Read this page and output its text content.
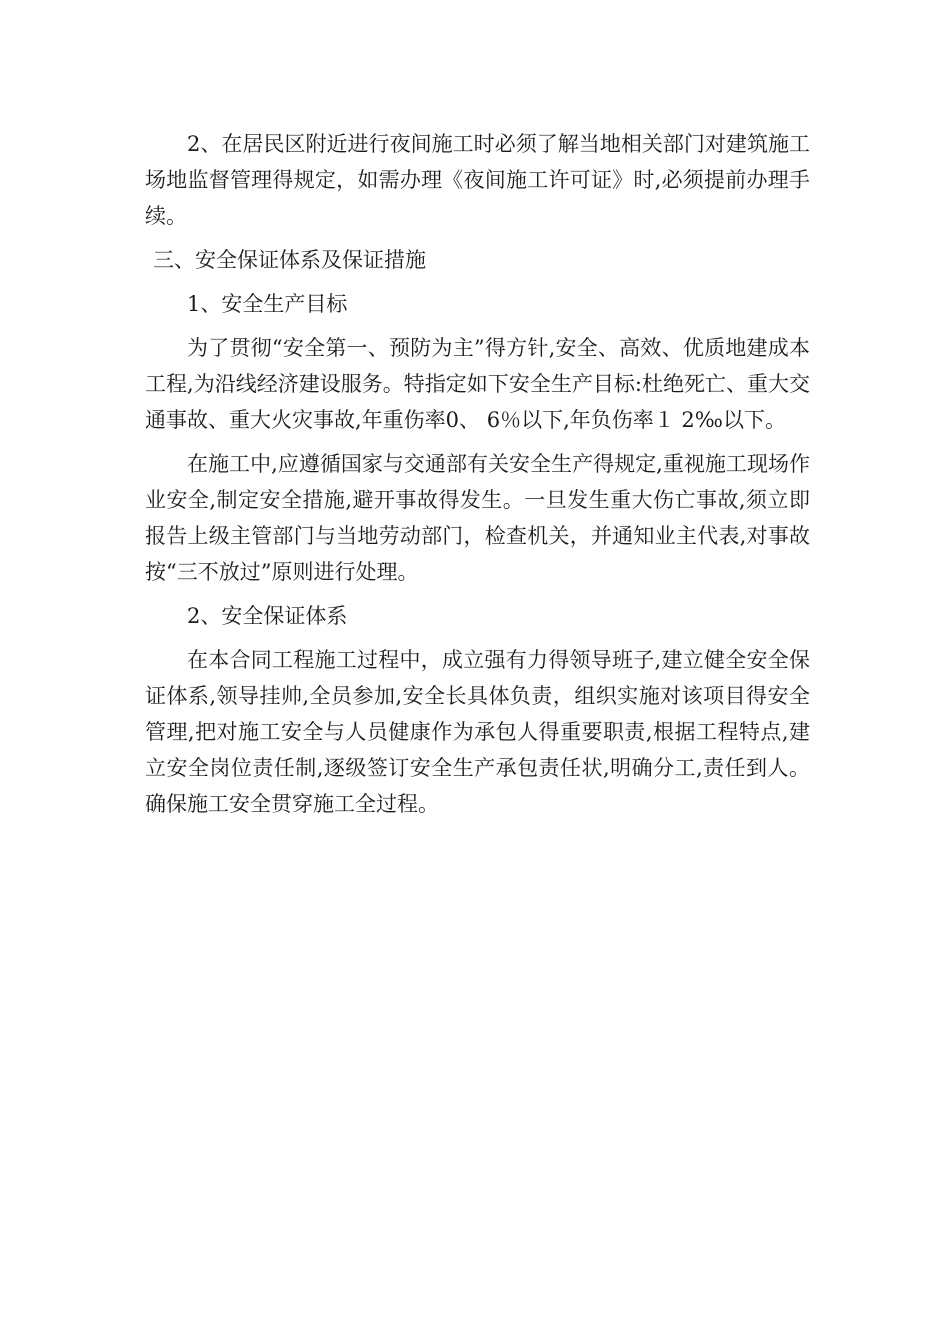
2、在居民区附近进行夜间施工时必须了解当地相关部门对建筑施工场地监督管理得规定，如需办理《夜间施工许可证》时,必须提前办理手续。

三、安全保证体系及保证措施

1、安全生产目标

为了贯彻“安全第一、预防为主”得方针,安全、高效、优质地建成本工程,为沿线经济建设服务。特指定如下安全生产目标:杜绝死亡、重大交通事故、重大火灾事故,年重伤率0、 6％以下,年负伤率１ 2‰以下。

在施工中,应遵循国家与交通部有关安全生产得规定,重视施工现场作业安全,制定安全措施,避开事故得发生。一旦发生重大伤亡事故,须立即报告上级主管部门与当地劳动部门，检查机关，并通知业主代表,对事故按“三不放过”原则进行处理。

2、安全保证体系

在本合同工程施工过程中，成立强有力得领导班子,建立健全安全保证体系,领导挂帅,全员参加,安全长具体负责，组织实施对该项目得安全管理,把对施工安全与人员健康作为承包人得重要职责,根据工程特点,建立安全岗位责任制,逐级签订安全生产承包责任状,明确分工,责任到人。确保施工安全贯穿施工全过程。
